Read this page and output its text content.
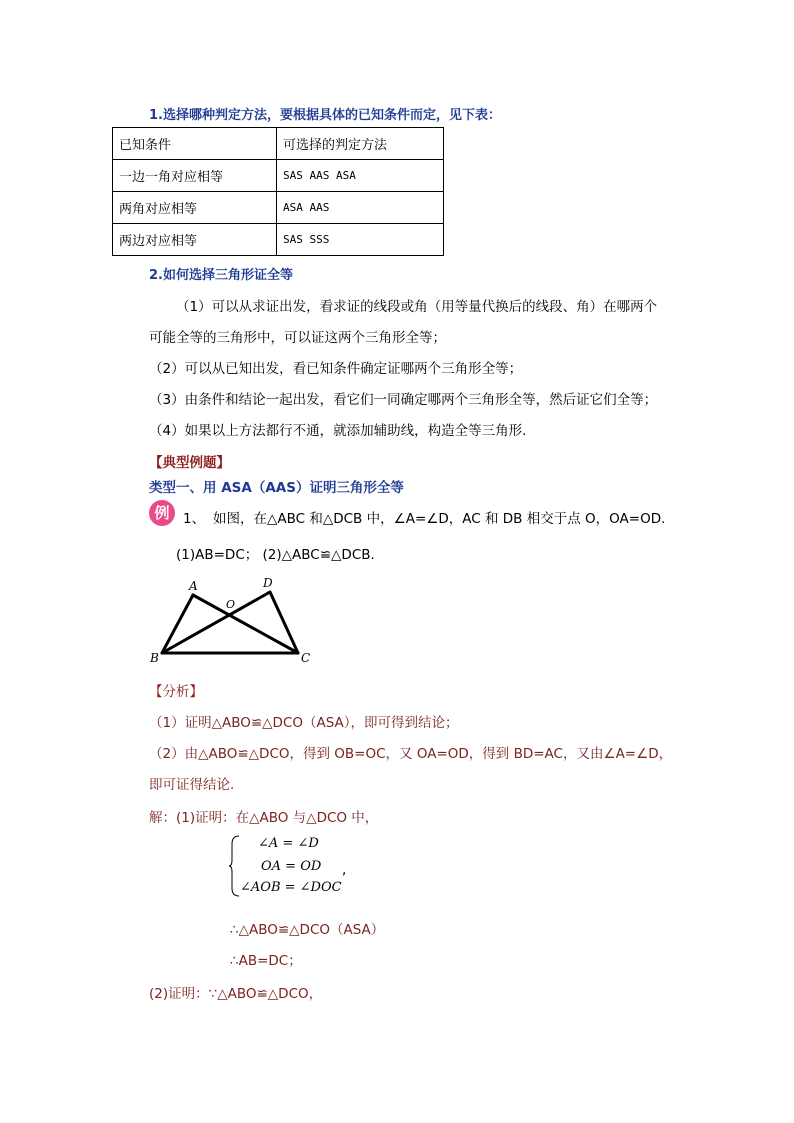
1.选择哪种判定方法，要根据具体的已知条件而定，见下表：
已知条件	可选择的判定方法
一边一角对应相等	SAS AAS ASA
两角对应相等	ASA AAS
两边对应相等	SAS SSS
2.如何选择三角形证全等
（1）可以从求证出发，看求证的线段或角（用等量代换后的线段、角）在哪两个
可能全等的三角形中，可以证这两个三角形全等；
（2）可以从已知出发，看已知条件确定证哪两个三角形全等；
（3）由条件和结论一起出发，看它们一同确定哪两个三角形全等，然后证它们全等；
（4）如果以上方法都行不通，就添加辅助线，构造全等三角形.
【典型例题】
类型一、用 ASA（AAS）证明三角形全等
例	1、 如图，在△ABC 和△DCB 中，∠A=∠D，AC 和 DB 相交于点 O，OA=OD.
(1)AB=DC； (2)△ABC≌△DCB.
A	D
O
B	C
【分析】
（1）证明△ABO≌△DCO（ASA），即可得到结论；
（2）由△ABO≌△DCO，得到 OB=OC，又 OA=OD，得到 BD=AC，又由∠A=∠D，
即可证得结论.
解：(1)证明：在△ABO 与△DCO 中，
∠A = ∠D
OA = OD
∠AOB = ∠DOC
,
∴△ABO≌△DCO（ASA）
∴AB=DC；
(2)证明：∵△ABO≌△DCO，
